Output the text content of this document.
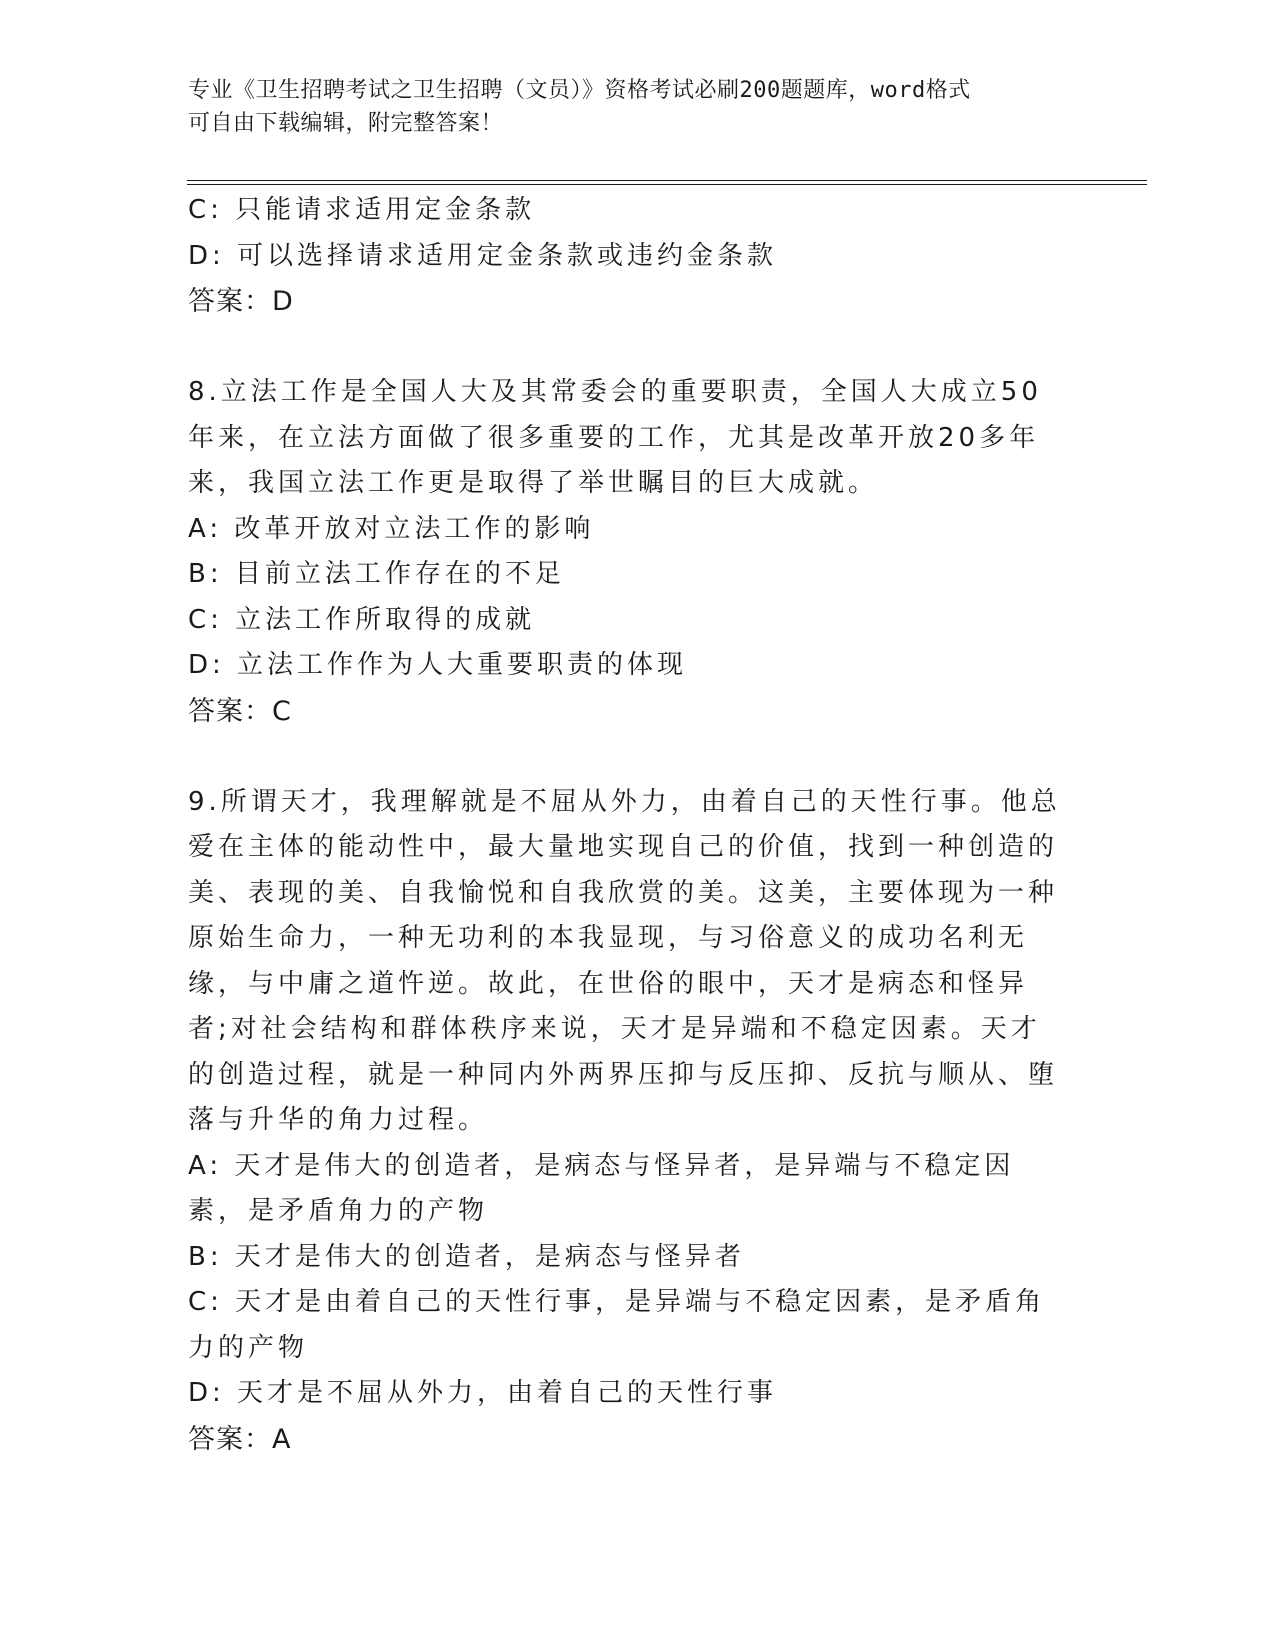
专业《卫生招聘考试之卫生招聘（文员）》资格考试必刷200题题库，word格式
可自由下载编辑，附完整答案！
C: 只能请求适用定金条款
D: 可以选择请求适用定金条款或违约金条款
答案：D
8.立法工作是全国人大及其常委会的重要职责，全国人大成立50年来，在立法方面做了很多重要的工作，尤其是改革开放20多年来，我国立法工作更是取得了举世瞩目的巨大成就。
A: 改革开放对立法工作的影响
B: 目前立法工作存在的不足
C: 立法工作所取得的成就
D: 立法工作作为人大重要职责的体现
答案：C
9.所谓天才，我理解就是不屈从外力，由着自己的天性行事。他总爱在主体的能动性中，最大量地实现自己的价值，找到一种创造的美、表现的美、自我愉悦和自我欣赏的美。这美，主要体现为一种原始生命力，一种无功利的本我显现，与习俗意义的成功名利无缘，与中庸之道忤逆。故此，在世俗的眼中，天才是病态和怪异者;对社会结构和群体秩序来说，天才是异端和不稳定因素。天才的创造过程，就是一种同内外两界压抑与反压抑、反抗与顺从、堕落与升华的角力过程。
A: 天才是伟大的创造者，是病态与怪异者，是异端与不稳定因素，是矛盾角力的产物
B: 天才是伟大的创造者，是病态与怪异者
C: 天才是由着自己的天性行事，是异端与不稳定因素，是矛盾角力的产物
D: 天才是不屈从外力，由着自己的天性行事
答案：A
